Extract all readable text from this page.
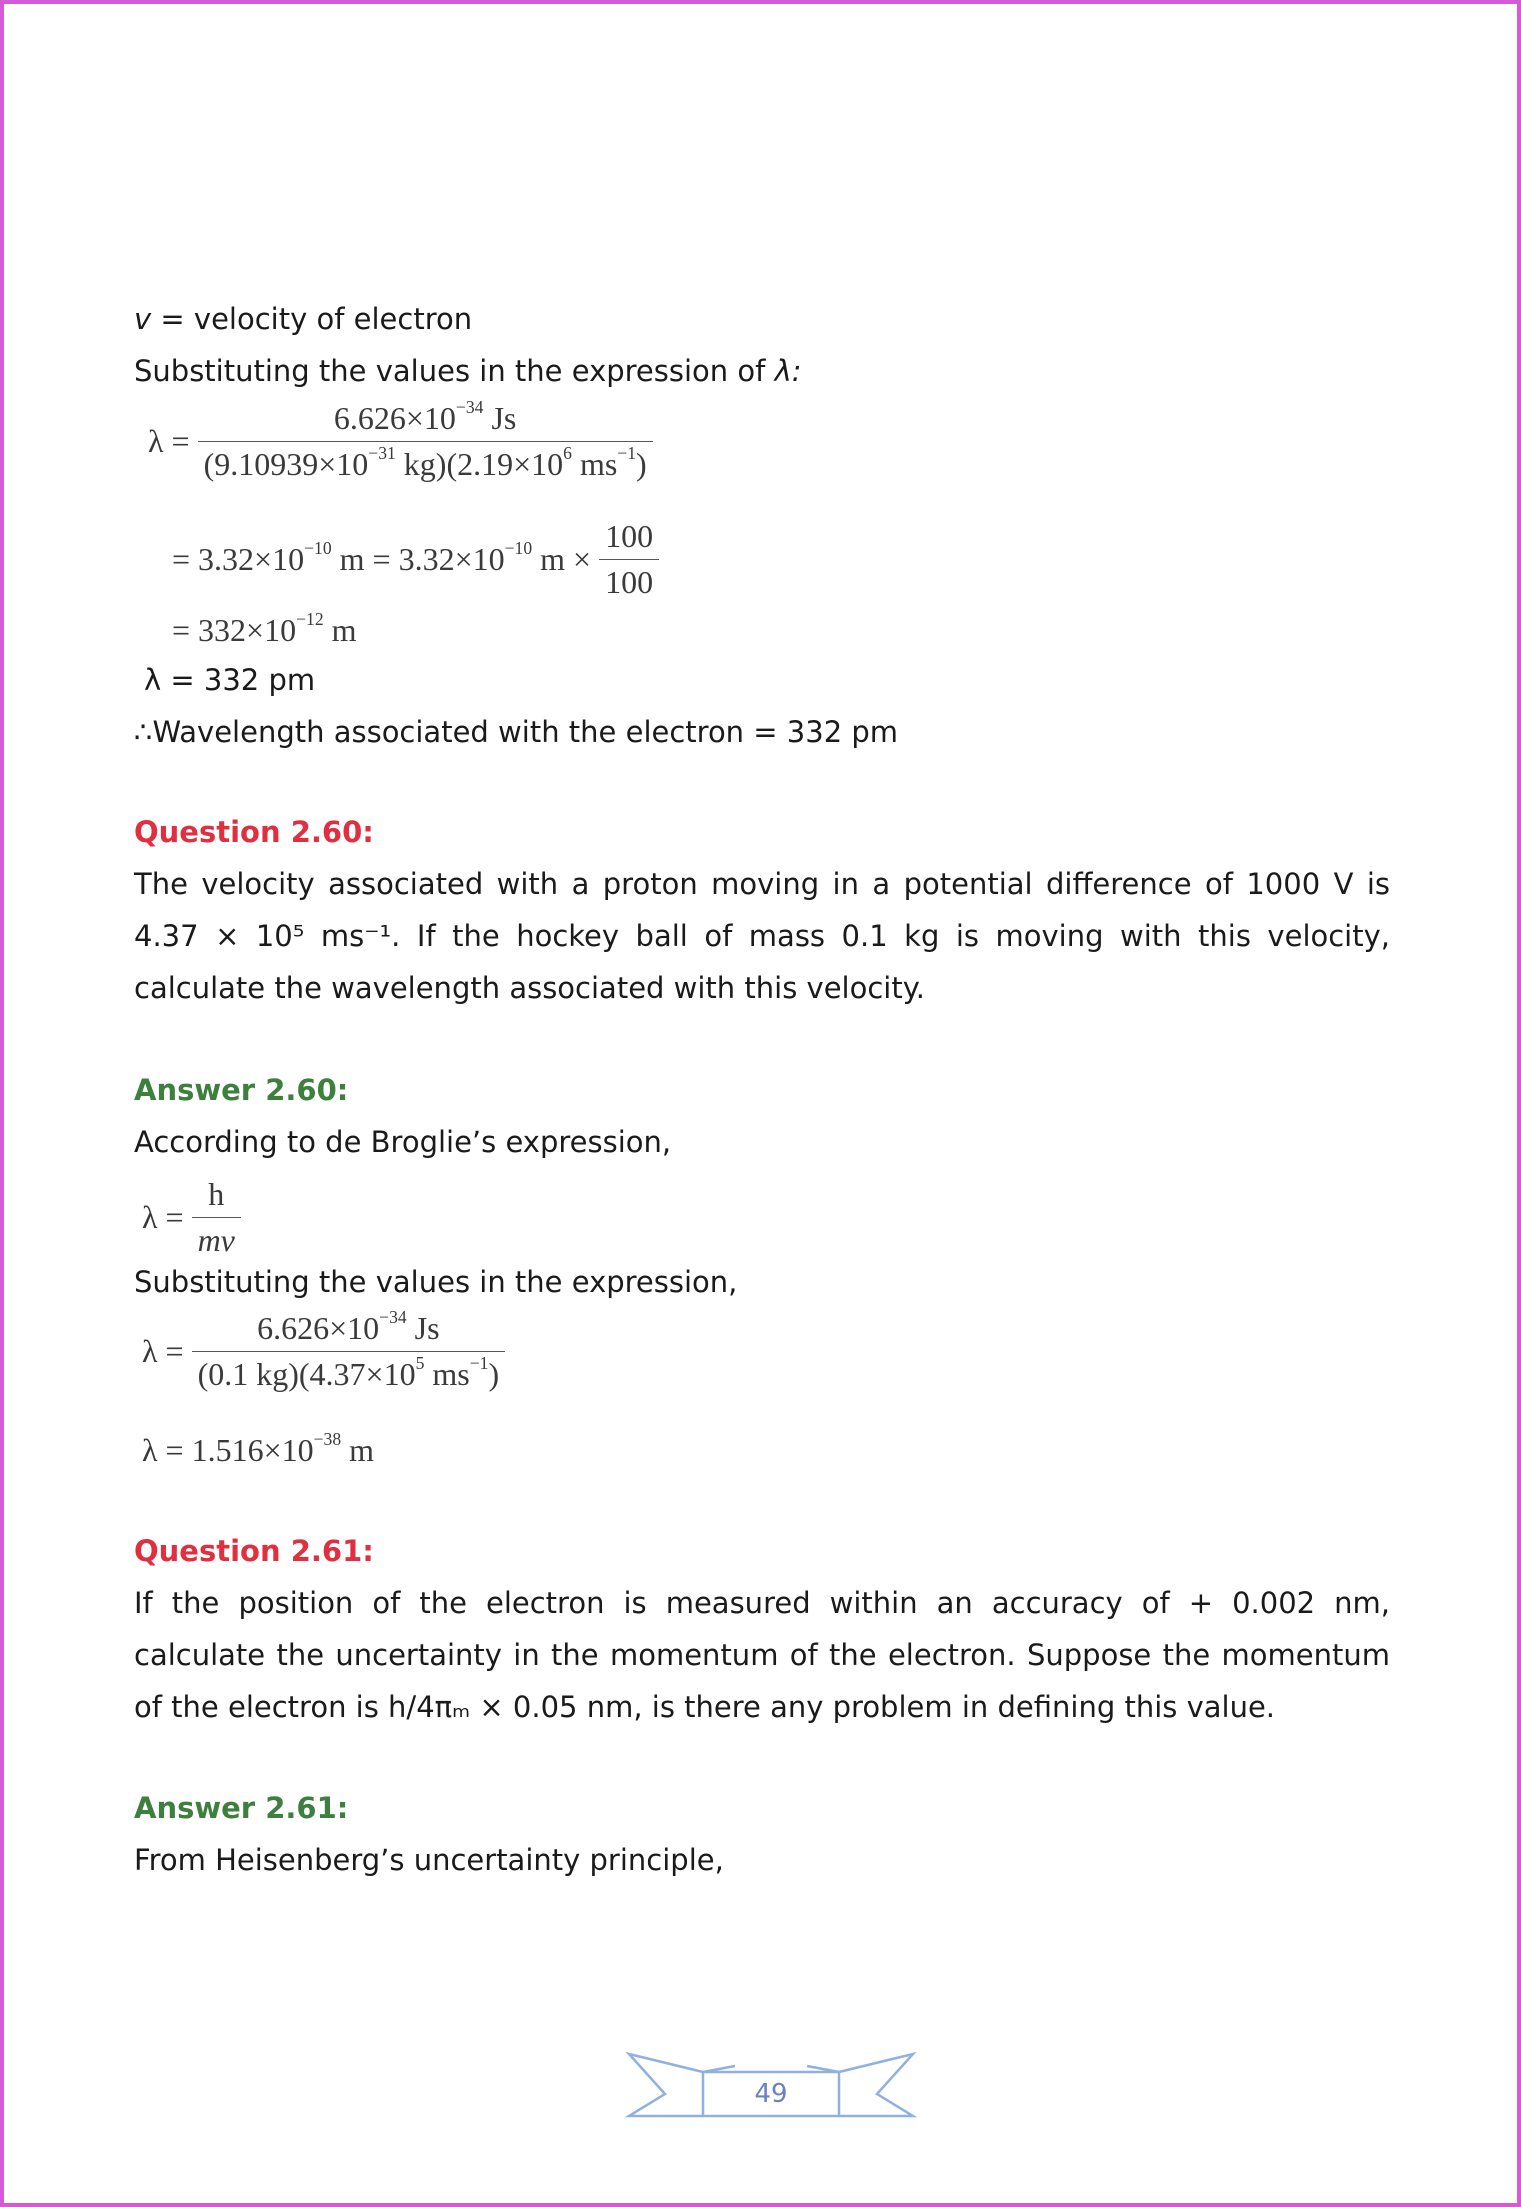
v = velocity of electron

Substituting the values in the expression of λ:

$\lambda = \frac{6.626\times 10^{-34} Js}{(9.10939\times 10^{-31} kg)(2.19\times 10^6 ms^{-1})}$
= $3.32\times 10^{-10}$ $m = 3.32\times 10^{-10}$ $m \times \frac{100}{100}$
= $332\times 10^{-12}$ m

λ = 332 pm

∴Wavelength associated with the electron = 332 pm

Question 2.60:

The velocity associated with a proton moving in a potential difference of 1000 V is 4.37 × 10⁵ ms⁻¹. If the hockey ball of mass 0.1 kg is moving with this velocity, calculate the wavelength associated with this velocity.

Answer 2.60:

According to de Broglie’s expression,

$\lambda = \frac{h}{mv}$

Substituting the values in the expression,

$\lambda = \frac{6.626\times 10^{-34} Js}{(0.1 kg)(4.37\times 10^5 ms^{-1})}$
$\lambda = 1.516\times 10^{-38}$ m

Question 2.61:

If the position of the electron is measured within an accuracy of + 0.002 nm, calculate the uncertainty in the momentum of the electron. Suppose the momentum of the electron is h/4πₘ × 0.05 nm, is there any problem in defining this value.

Answer 2.61:

From Heisenberg’s uncertainty principle,

49
